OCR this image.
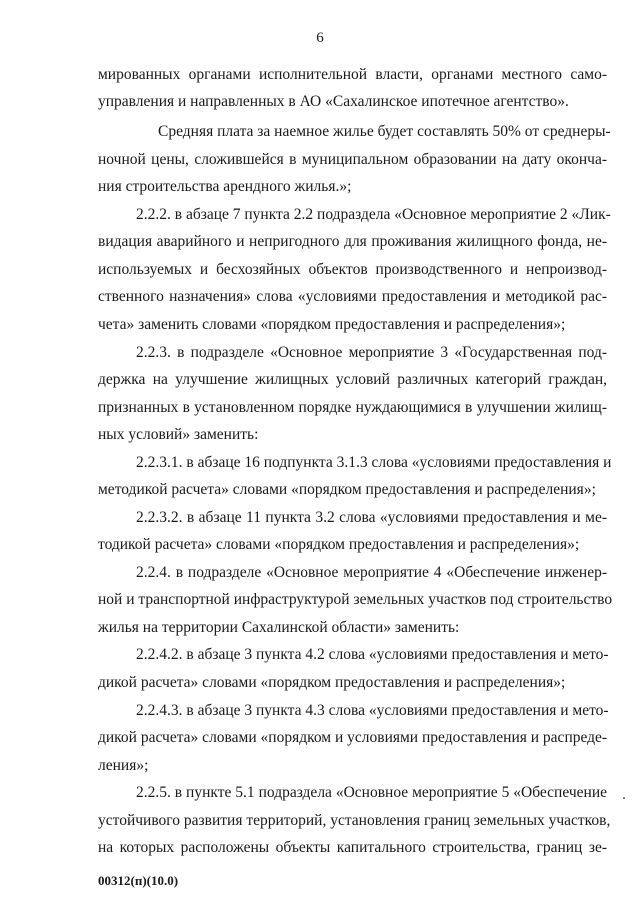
6
мированных органами исполнительной власти, органами местного само-
управления и направленных в АО «Сахалинское ипотечное агентство».
Средняя плата за наемное жилье будет составлять 50% от среднеры-
ночной цены, сложившейся в муниципальном образовании на дату оконча-
ния строительства арендного жилья.»;
2.2.2. в абзаце 7 пункта 2.2 подраздела «Основное мероприятие 2 «Лик-
видация аварийного и непригодного для проживания жилищного фонда, не-
используемых и бесхозяйных объектов производственного и непроизвод-
ственного назначения» слова «условиями предоставления и методикой рас-
чета» заменить словами «порядком предоставления и распределения»;
2.2.3. в подразделе «Основное мероприятие 3 «Государственная под-
держка на улучшение жилищных условий различных категорий граждан,
признанных в установленном порядке нуждающимися в улучшении жилищ-
ных условий» заменить:
2.2.3.1. в абзаце 16 подпункта 3.1.3 слова «условиями предоставления и
методикой расчета» словами «порядком предоставления и распределения»;
2.2.3.2. в абзаце 11 пункта 3.2 слова «условиями предоставления и ме-
тодикой расчета» словами «порядком предоставления и распределения»;
2.2.4. в подразделе «Основное мероприятие 4 «Обеспечение инженер-
ной и транспортной инфраструктурой земельных участков под строительство
жилья на территории Сахалинской области» заменить:
2.2.4.2. в абзаце 3 пункта 4.2 слова «условиями предоставления и мето-
дикой расчета» словами «порядком предоставления и распределения»;
2.2.4.3. в абзаце 3 пункта 4.3 слова «условиями предоставления и мето-
дикой расчета» словами «порядком и условиями предоставления и распреде-
ления»;
2.2.5. в пункте 5.1 подраздела «Основное мероприятие 5 «Обеспечение
устойчивого развития территорий, установления границ земельных участков,
на которых расположены объекты капитального строительства, границ зе-
00312(п)(10.0)
